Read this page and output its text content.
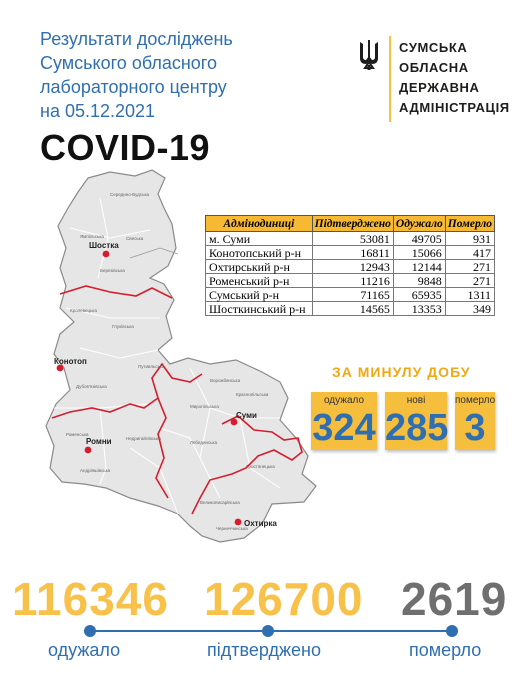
Результати досліджень
Сумського обласного
лабораторного центру
на 05.12.2021
COVID-19
СУМСЬКА
ОБЛАСНА
ДЕРЖАВНА
АДМІНІСТРАЦІЯ
Середино-Будська
Ямпільська	Свеська
Березівська
Кролевецька
Глухівська
Дубов'язівська
Путивльська
Ворожбянська
Краснопільська
Миропільська
Роменська
Недригайлівська
Лебединська
Андріяшівська
Тростянецька
Великописарівська
Чернеччинська
Шостка
Конотоп
Суми
Ромни
Охтирка
Адмінодиниці	Підтверджено	Одужало	Померло
м. Суми	53081	49705	931
Конотопський р-н	16811	15066	417
Охтирський р-н	12943	12144	271
Роменський р-н	11216	9848	271
Сумський р-н	71165	65935	1311
Шосткинський р-н	14565	13353	349
ЗА МИНУЛУ ДОБУ
одужало
324
нові
285
померло
3
116346 126700 2619
одужало	підтверджено	померло
